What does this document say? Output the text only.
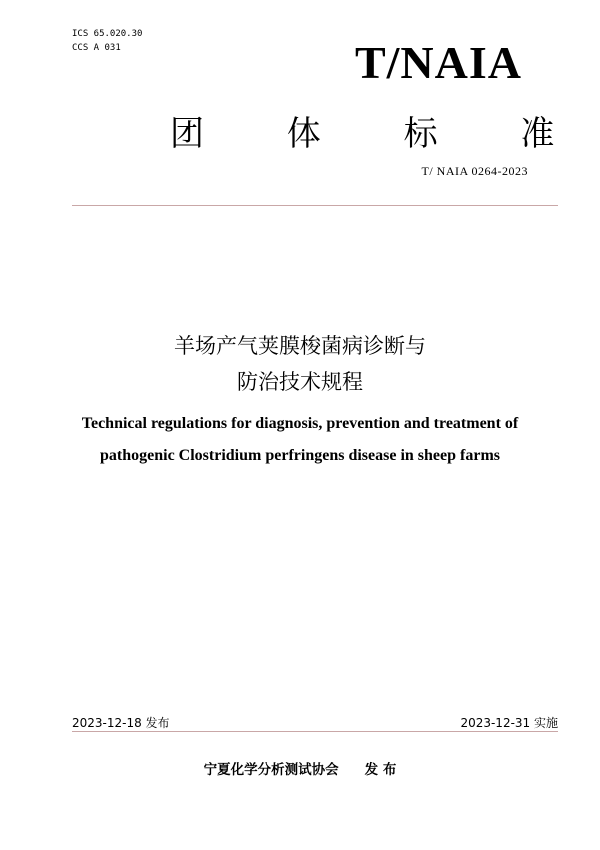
ICS 65.020.30
CCS A 031	T/NAIA
团 体 标 准
T/ NAIA 0264-2023
羊场产气荚膜梭菌病诊断与
防治技术规程
Technical regulations for diagnosis, prevention and treatment of
pathogenic Clostridium perfringens disease in sheep farms
2023-12-18 发布	2023-12-31 实施
宁夏化学分析测试协会 发 布
